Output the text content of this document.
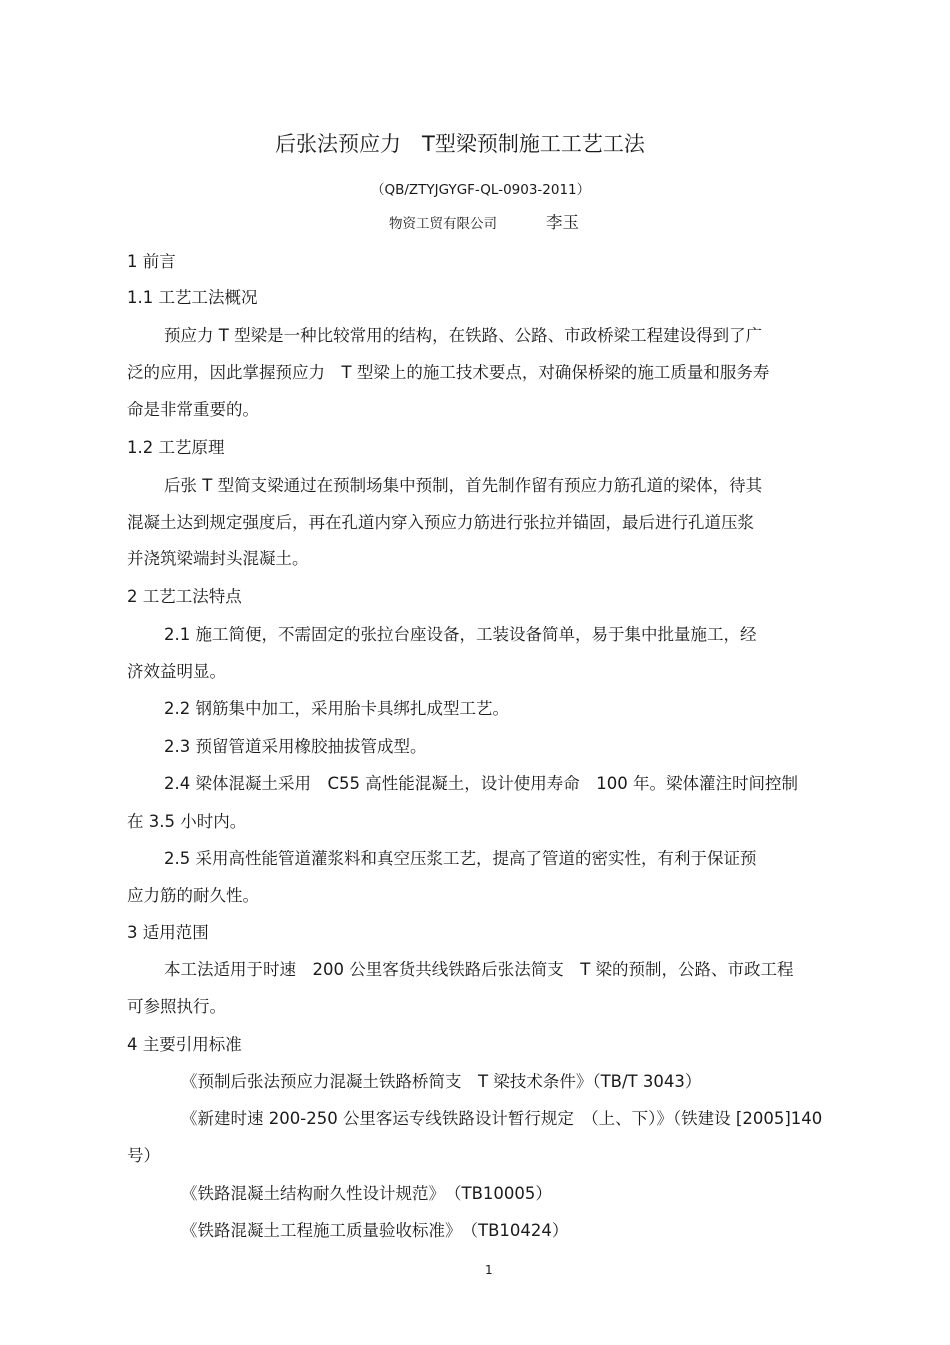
后张法预应力　T型梁预制施工工艺工法
（QB/ZTYJGYGF-QL-0903-2011）
物资工贸有限公司	李玉
1 前言
1.1 工艺工法概况
预应力 T 型梁是一种比较常用的结构，在铁路、公路、市政桥梁工程建设得到了广
泛的应用，因此掌握预应力　T 型梁上的施工技术要点，对确保桥梁的施工质量和服务寿
命是非常重要的。
1.2 工艺原理
后张 T 型简支梁通过在预制场集中预制，首先制作留有预应力筋孔道的梁体，待其
混凝土达到规定强度后，再在孔道内穿入预应力筋进行张拉并锚固，最后进行孔道压浆
并浇筑梁端封头混凝土。
2 工艺工法特点
2.1 施工简便，不需固定的张拉台座设备，工装设备简单，易于集中批量施工，经
济效益明显。
2.2 钢筋集中加工，采用胎卡具绑扎成型工艺。
2.3 预留管道采用橡胶抽拔管成型。
2.4 梁体混凝土采用　C55 高性能混凝土，设计使用寿命　100 年。梁体灌注时间控制
在 3.5 小时内。
2.5 采用高性能管道灌浆料和真空压浆工艺，提高了管道的密实性，有利于保证预
应力筋的耐久性。
3 适用范围
本工法适用于时速　200 公里客货共线铁路后张法简支　T 梁的预制，公路、市政工程
可参照执行。
4 主要引用标准
《预制后张法预应力混凝土铁路桥简支　T 梁技术条件》（TB/T 3043）
《新建时速 200-250 公里客运专线铁路设计暂行规定　（上、下）》（铁建设 [2005]140
号）
《铁路混凝土结构耐久性设计规范》　（TB10005）
《铁路混凝土工程施工质量验收标准》　（TB10424）
1
